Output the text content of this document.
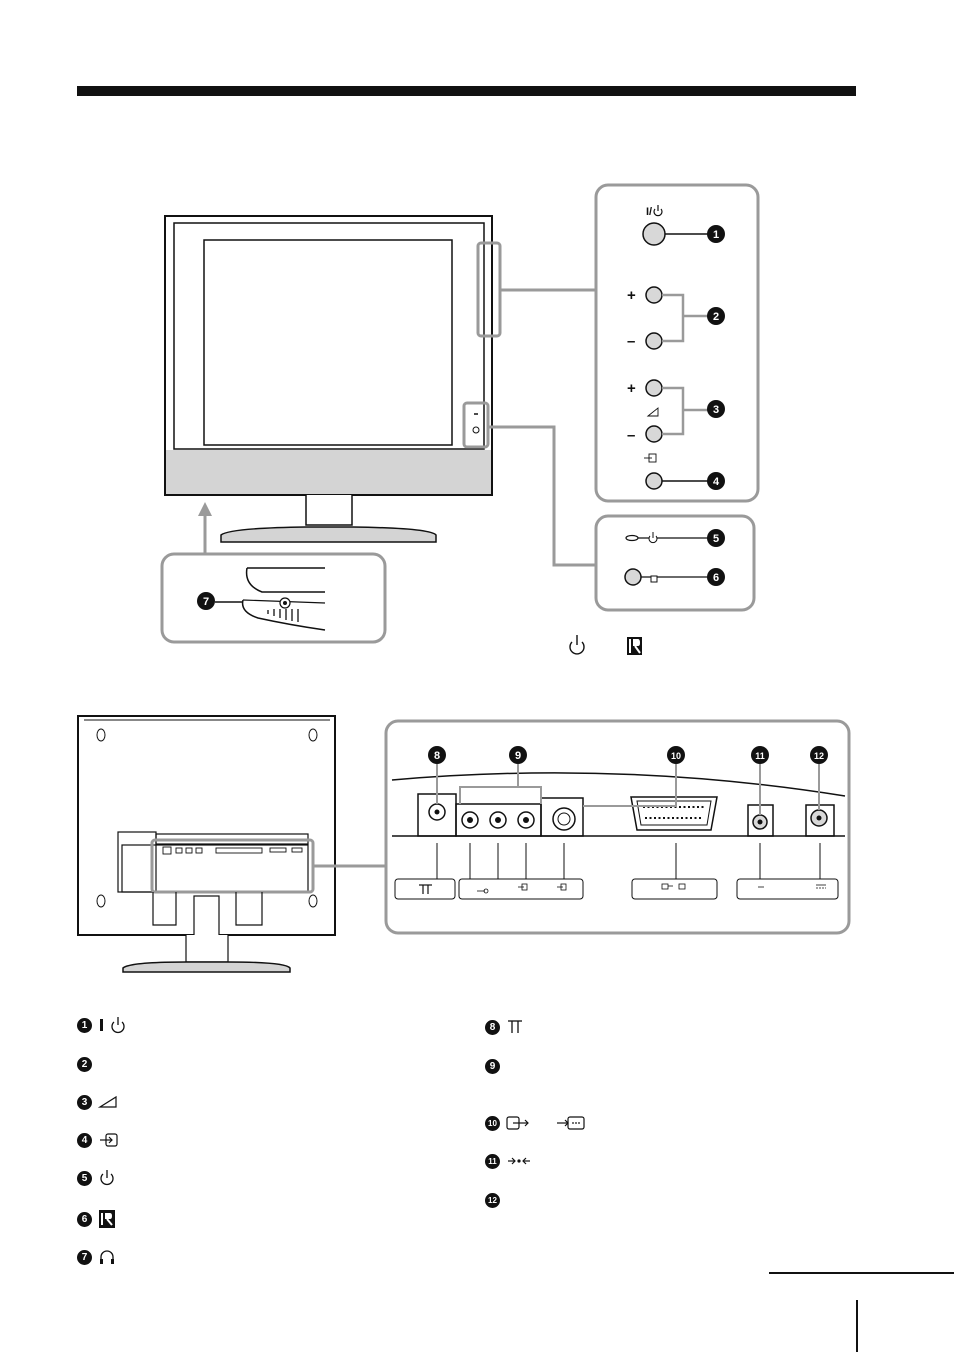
I/
+
–
+
–
1
2
3
4
5
6
7
8	9	10	11	12
1
2
3
4
5
6
7
8
9
10
11
12
